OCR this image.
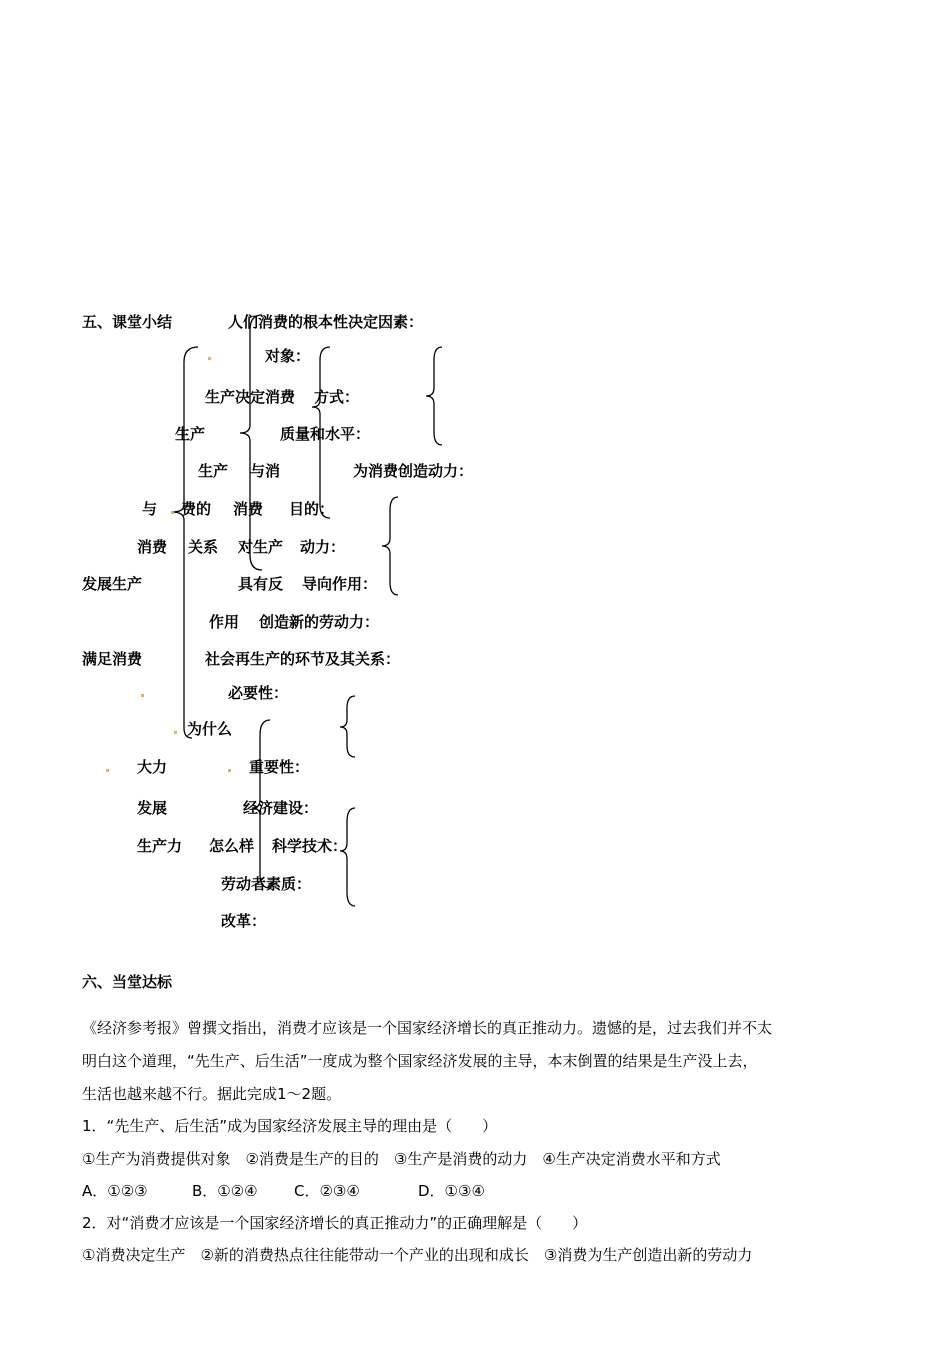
五、课堂小结	人们消费的根本性决定因素：
对象：
生产决定消费 方式：
生产	质量和水平：
生产 与消	为消费创造动力：
与 费的 消费 目的：
消费 关系 对生产 动力：
发展生产	具有反 导向作用：
作用 创造新的劳动力：
满足消费	社会再生产的环节及其关系：
必要性：
为什么
大力	重要性：
发展	经济建设：
生产力 怎么样 科学技术：
劳动者素质：
改革：
六、当堂达标
《经济参考报》曾撰文指出，消费才应该是一个国家经济增长的真正推动力。遗憾的是，过去我们并不太
明白这个道理，“先生产、后生活”一度成为整个国家经济发展的主导，本末倒置的结果是生产没上去，
生活也越来越不行。据此完成1～2题。
1．“先生产、后生活”成为国家经济发展主导的理由是（　　）
①生产为消费提供对象　②消费是生产的目的　③生产是消费的动力　④生产决定消费水平和方式
A．①②③	B．①②④ C．②③④	D．①③④
2．对“消费才应该是一个国家经济增长的真正推动力”的正确理解是（　　）
①消费决定生产　②新的消费热点往往能带动一个产业的出现和成长　③消费为生产创造出新的劳动力
